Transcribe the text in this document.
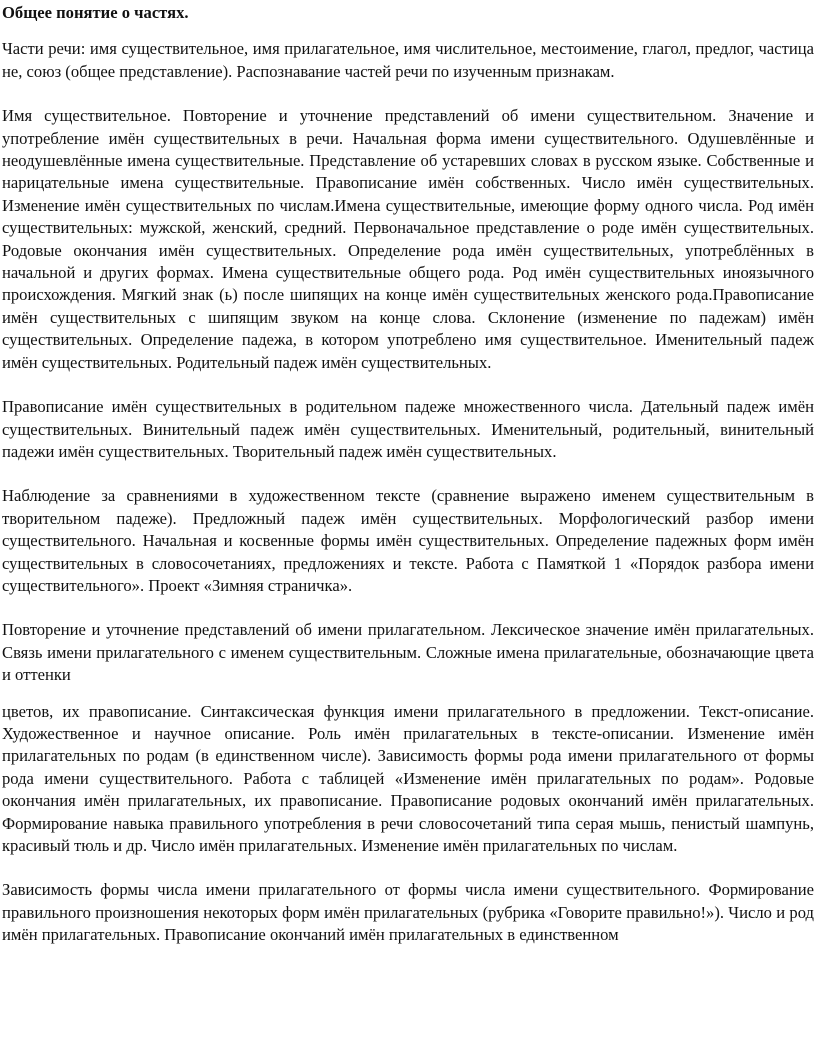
Общее понятие о частях.

Части речи: имя существительное, имя прилагательное, имя числительное, местоимение, глагол, предлог, частица не, союз (общее представление). Распознавание частей речи по изученным признакам.

Имя существительное. Повторение и уточнение представлений об имени существительном. Значение и употребление имён существительных в речи. Начальная форма имени существительного. Одушевлённые и неодушевлённые имена существительные. Представление об устаревших словах в русском языке. Собственные и нарицательные имена существительные. Правописание имён собственных. Число имён существительных. Изменение имён существительных по числам.Имена существительные, имеющие форму одного числа. Род имён существительных: мужской, женский, средний. Первоначальное представление о роде имён существительных. Родовые окончания имён существительных. Определение рода имён существительных, употреблённых в начальной и других формах. Имена существительные общего рода. Род имён существительных иноязычного происхождения. Мягкий знак (ь) после шипящих на конце имён существительных женского рода.Правописание имён существительных с шипящим звуком на конце слова. Склонение (изменение по падежам) имён существительных. Определение падежа, в котором употреблено имя существительное. Именительный падеж имён существительных. Родительный падеж имён существительных.

Правописание имён существительных в родительном падеже множественного числа. Дательный падеж имён существительных. Винительный падеж имён существительных. Именительный, родительный, винительный падежи имён существительных. Творительный падеж имён существительных.

Наблюдение за сравнениями в художественном тексте (сравнение выражено именем существительным в творительном падеже). Предложный падеж имён существительных. Морфологический разбор имени существительного. Начальная и косвенные формы имён существительных. Определение падежных форм имён существительных в словосочетаниях, предложениях и тексте. Работа с Памяткой 1 «Порядок разбора имени существительного». Проект «Зимняя страничка».

Повторение и уточнение представлений об имени прилагательном. Лексическое значение имён прилагательных. Связь имени прилагательного с именем существительным. Сложные имена прилагательные, обозначающие цвета и оттенки

цветов, их правописание. Синтаксическая функция имени прилагательного в предложении. Текст-описание. Художественное и научное описание. Роль имён прилагательных в тексте-описании. Изменение имён прилагательных по родам (в единственном числе). Зависимость формы рода имени прилагательного от формы рода имени существительного. Работа с таблицей «Изменение имён прилагательных по родам». Родовые окончания имён прилагательных, их правописание. Правописание родовых окончаний имён прилагательных. Формирование навыка правильного употребления в речи словосочетаний типа серая мышь, пенистый шампунь, красивый тюль и др. Число имён прилагательных. Изменение имён прилагательных по числам.

Зависимость формы числа имени прилагательного от формы числа имени существительного. Формирование правильного произношения некоторых форм имён прилагательных (рубрика «Говорите правильно!»). Число и род имён прилагательных. Правописание окончаний имён прилагательных в единственном
